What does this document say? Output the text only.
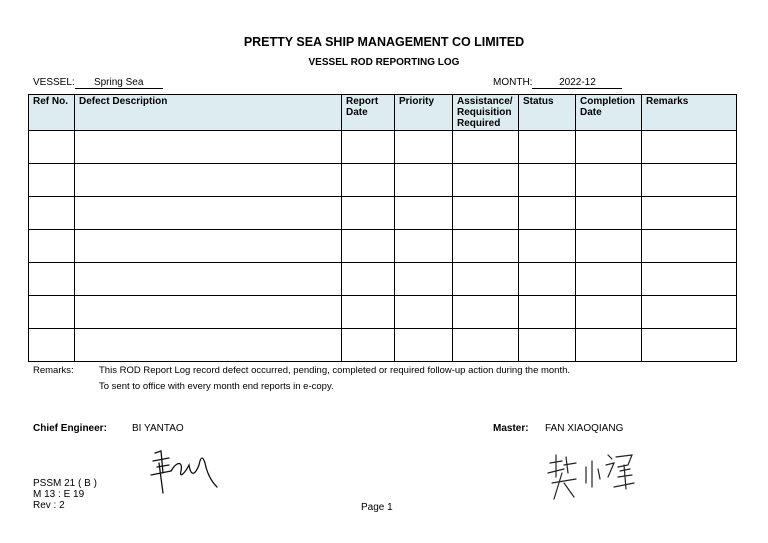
PRETTY SEA SHIP MANAGEMENT CO LIMITED
VESSEL ROD REPORTING LOG
VESSEL: Spring Sea	MONTH:	2022-12
Ref No.	Defect Description	Report Date	Priority	Assistance/ Requisition Required	Status	Completion Date	Remarks

Remarks:	This ROD Report Log record defect occurred, pending, completed or required follow-up action during the month.
To sent to office with every month end reports in e-copy.
Chief Engineer:	BI YANTAO	Master: FAN XIAOQIANG
PSSM 21 ( B )
M 13 : E 19
Rev : 2	Page 1
